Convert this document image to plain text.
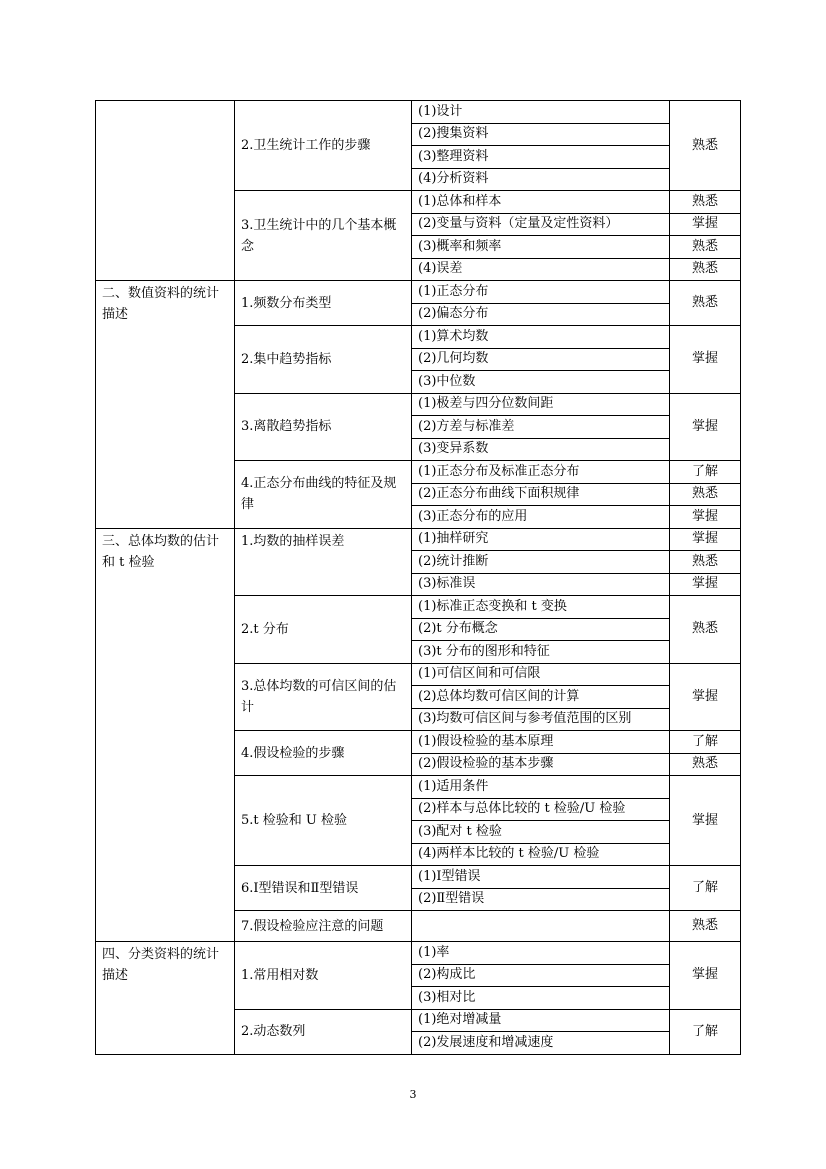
	2.卫生统计工作的步骤	(1)设计	熟悉
		(2)搜集资料	
		(3)整理资料	
		(4)分析资料	
	3.卫生统计中的几个基本概念	(1)总体和样本	熟悉
		(2)变量与资料（定量及定性资料）	掌握
		(3)概率和频率	熟悉
		(4)误差	熟悉
二、数值资料的统计描述	1.频数分布类型	(1)正态分布	熟悉
		(2)偏态分布	
	2.集中趋势指标	(1)算术均数	掌握
		(2)几何均数	
		(3)中位数	
	3.离散趋势指标	(1)极差与四分位数间距	掌握
		(2)方差与标准差	
		(3)变异系数	
	4.正态分布曲线的特征及规律	(1)正态分布及标准正态分布	了解
		(2)正态分布曲线下面积规律	熟悉
		(3)正态分布的应用	掌握
三、总体均数的估计和 t 检验	1.均数的抽样误差	(1)抽样研究	掌握
		(2)统计推断	熟悉
		(3)标准误	掌握
	2.t 分布	(1)标准正态变换和 t 变换	熟悉
		(2)t 分布概念	
		(3)t 分布的图形和特征	
	3.总体均数的可信区间的估计	(1)可信区间和可信限	掌握
		(2)总体均数可信区间的计算	
		(3)均数可信区间与参考值范围的区别	
	4.假设检验的步骤	(1)假设检验的基本原理	了解
		(2)假设检验的基本步骤	熟悉
	5.t 检验和 U 检验	(1)适用条件	掌握
		(2)样本与总体比较的 t 检验/U 检验	
		(3)配对 t 检验	
		(4)两样本比较的 t 检验/U 检验	
	6.Ⅰ型错误和Ⅱ型错误	(1)Ⅰ型错误	了解
		(2)Ⅱ型错误	
	7.假设检验应注意的问题		熟悉
四、分类资料的统计描述	1.常用相对数	(1)率	掌握
		(2)构成比	
		(3)相对比	
	2.动态数列	(1)绝对增减量	了解
		(2)发展速度和增减速度	
3
